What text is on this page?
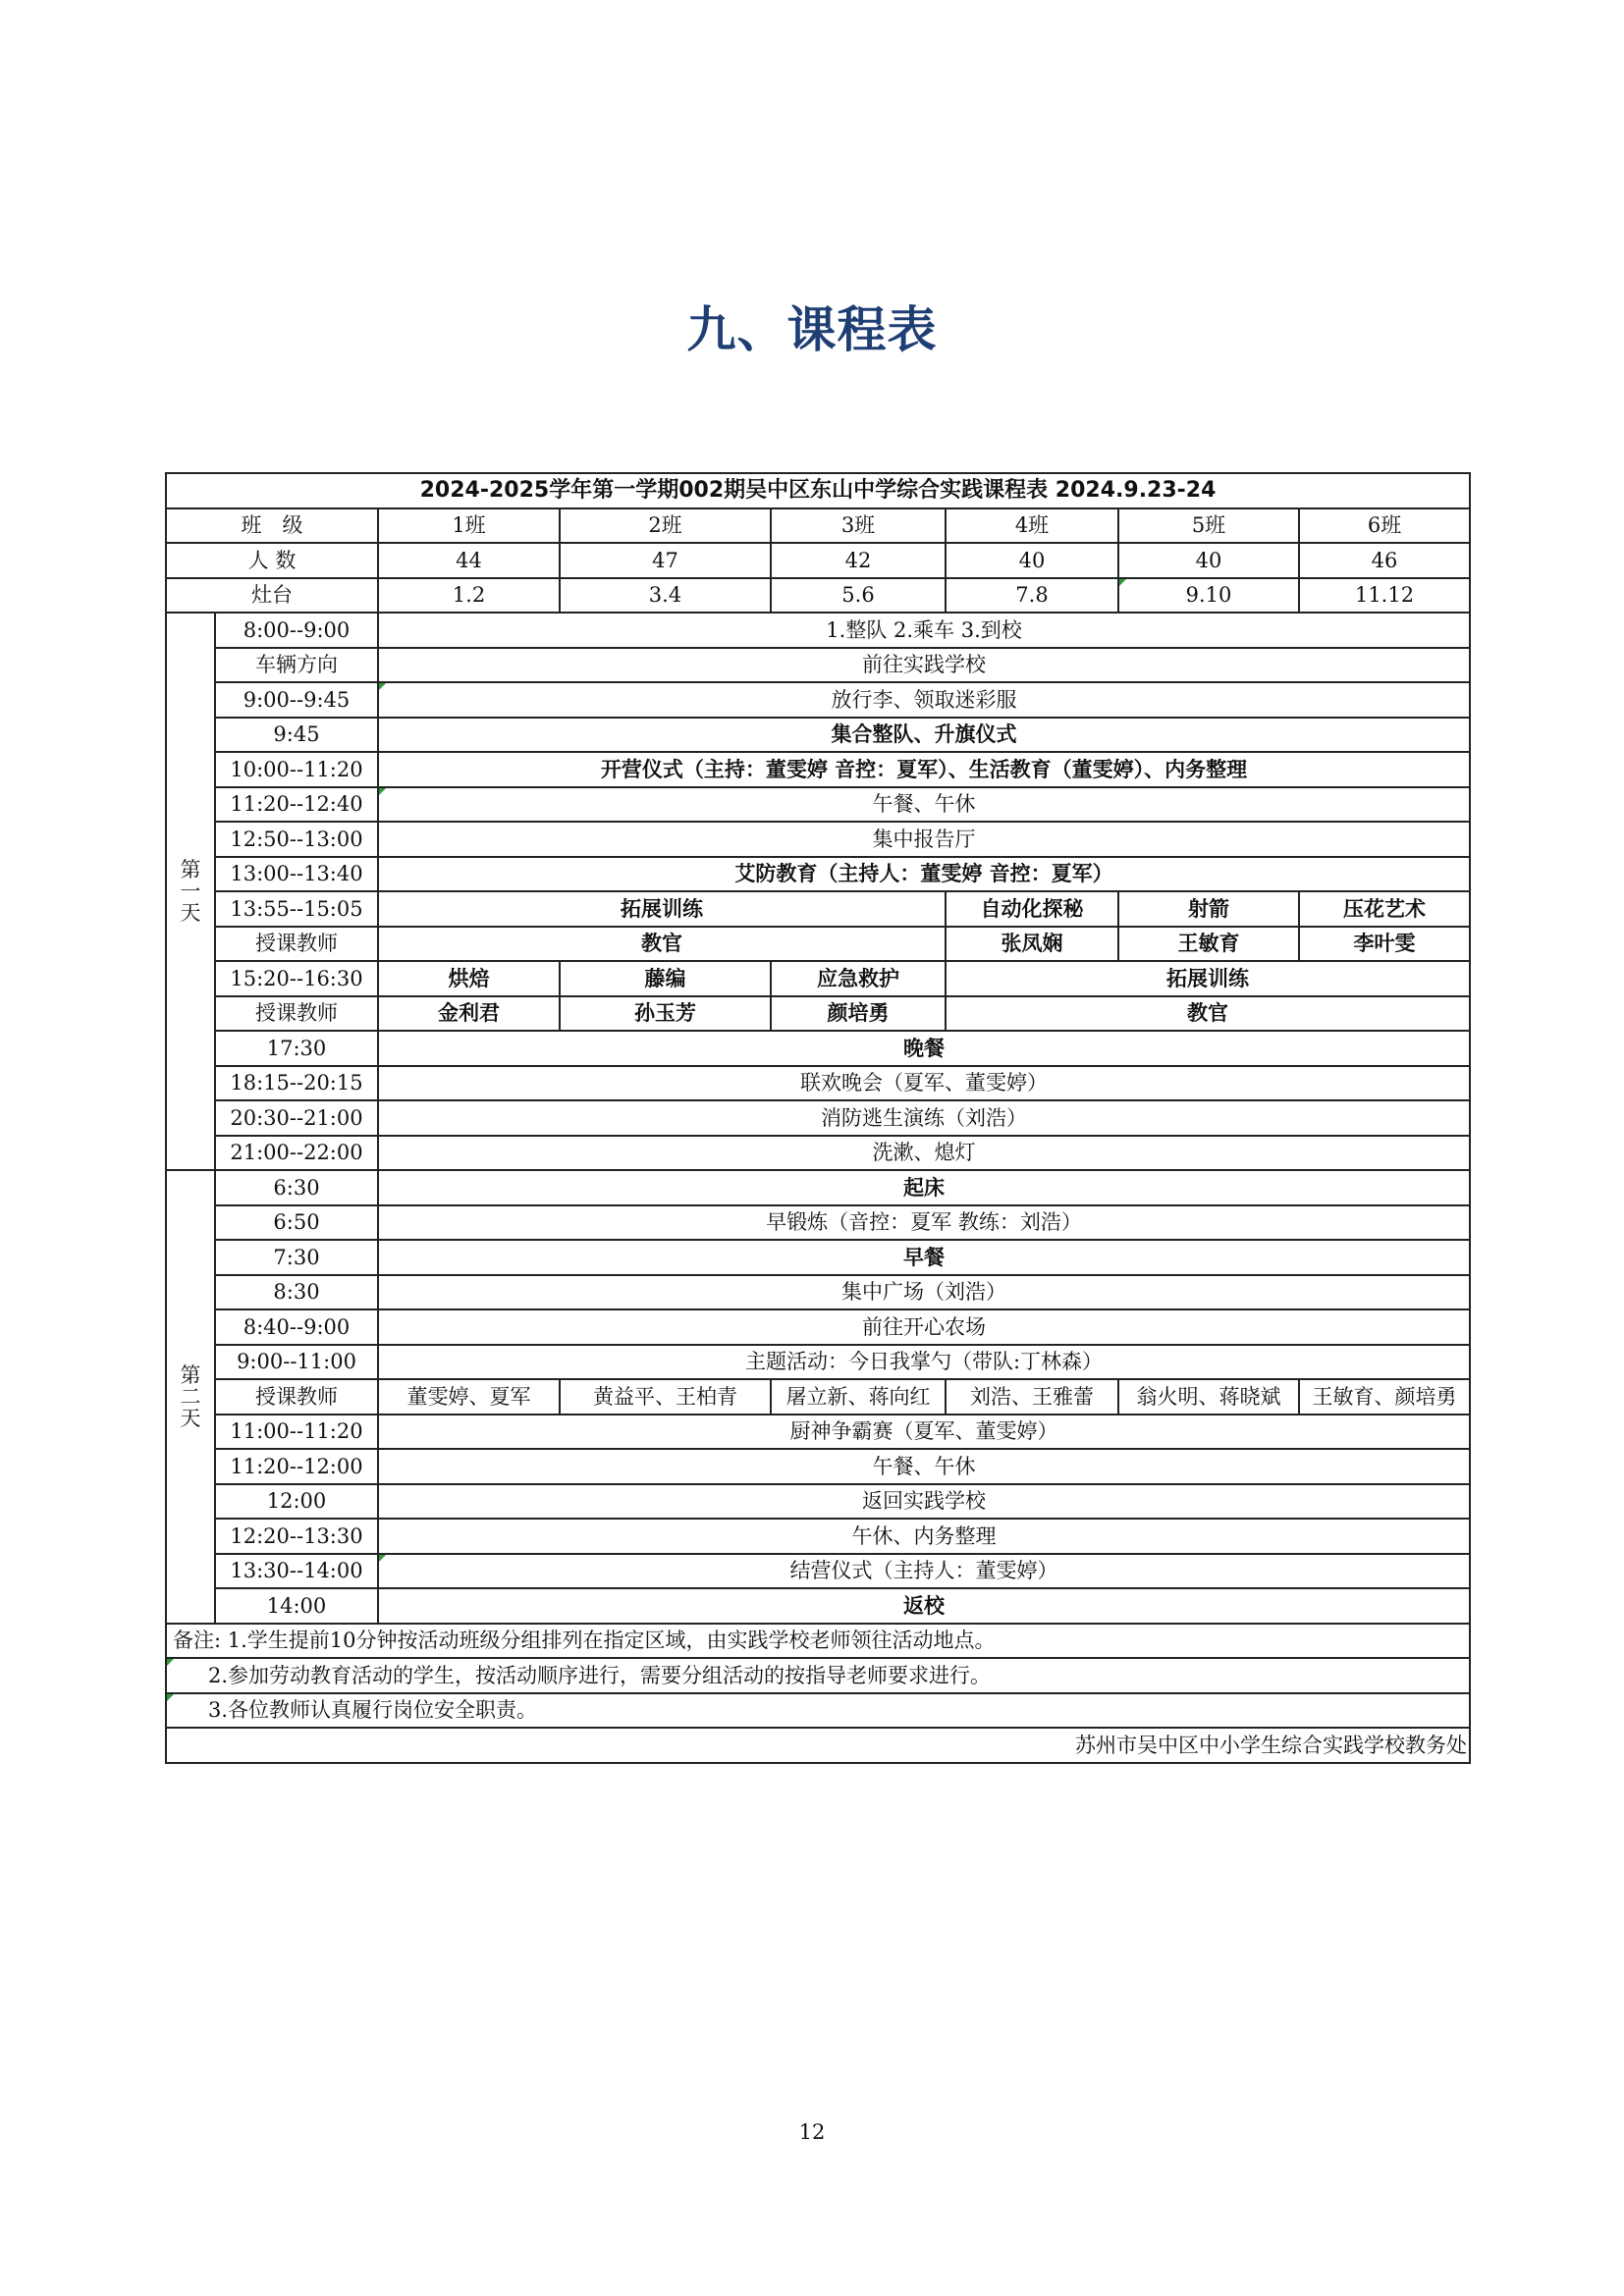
九、课程表
2024-2025学年第一学期002期吴中区东山中学综合实践课程表 2024.9.23-24							
班　级		1班	2班	3班	4班	5班	6班
人 数		44	47	42	40	40	46
灶台		1.2	3.4	5.6	7.8	9.10	11.12

第
一
天	8:00--9:00	1.整队 2.乘车 3.到校					
	车辆方向	前往实践学校					
	9:00--9:45	放行李、领取迷彩服					
	9:45	集合整队、升旗仪式					
	10:00--11:20	开营仪式（主持：董雯婷 音控：夏军）、生活教育（董雯婷）、内务整理					
	11:20--12:40	午餐、午休					
	12:50--13:00	集中报告厅					
	13:00--13:40	艾防教育（主持人：董雯婷 音控：夏军）					
	13:55--15:05	拓展训练			自动化探秘	射箭	压花艺术
	授课教师	教官			张凤娴	王敏育	李叶雯
	15:20--16:30	烘焙	藤编	应急救护	拓展训练		
	授课教师	金利君	孙玉芳	颜培勇	教官		
	17:30	晚餐					
	18:15--20:15	联欢晚会（夏军、董雯婷）					
	20:30--21:00	消防逃生演练（刘浩）					
	21:00--22:00	洗漱、熄灯					

第
二
天	6:30	起床					
	6:50	早锻炼（音控：夏军 教练：刘浩）					
	7:30	早餐					
	8:30	集中广场（刘浩）					
	8:40--9:00	前往开心农场					
	9:00--11:00	主题活动：今日我掌勺（带队:丁林森）					
	授课教师	董雯婷、夏军	黄益平、王柏青	屠立新、蒋向红	刘浩、王雅蕾	翁火明、蒋晓斌	王敏育、颜培勇
	11:00--11:20	厨神争霸赛（夏军、董雯婷）					
	11:20--12:00	午餐、午休					
	12:00	返回实践学校					
	12:20--13:30	午休、内务整理					
	13:30--14:00	结营仪式（主持人：董雯婷）					
	14:00	返校					
备注: 1.学生提前10分钟按活动班级分组排列在指定区域，由实践学校老师领往活动地点。							
2.参加劳动教育活动的学生，按活动顺序进行，需要分组活动的按指导老师要求进行。							
3.各位教师认真履行岗位安全职责。							
苏州市吴中区中小学生综合实践学校教务处							
12
